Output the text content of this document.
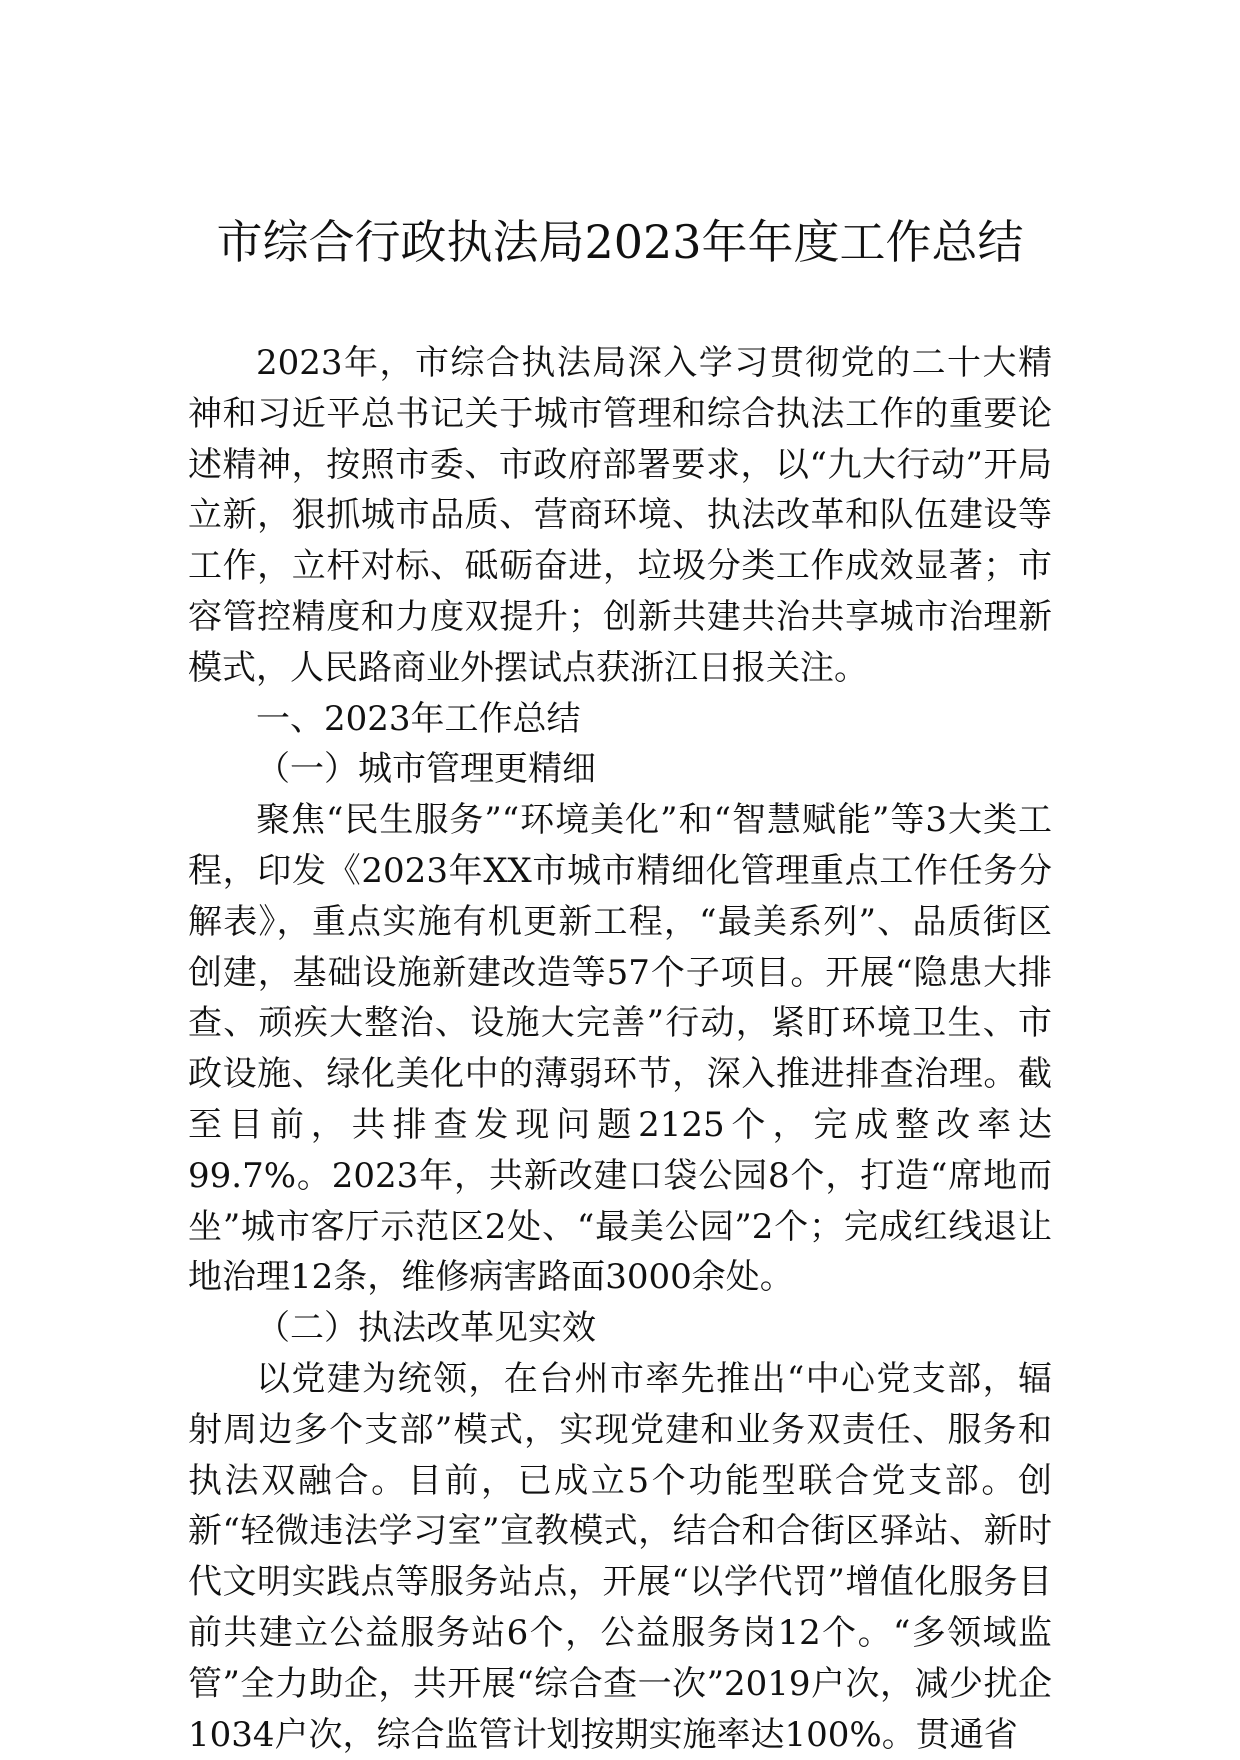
市综合行政执法局2023年年度工作总结

2023年，市综合执法局深入学习贯彻党的二十大精神和习近平总书记关于城市管理和综合执法工作的重要论述精神，按照市委、市政府部署要求，以“九大行动”开局立新，狠抓城市品质、营商环境、执法改革和队伍建设等工作，立杆对标、砥砺奋进，垃圾分类工作成效显著；市容管控精度和力度双提升；创新共建共治共享城市治理新模式，人民路商业外摆试点获浙江日报关注。

一、2023年工作总结

（一）城市管理更精细

聚焦“民生服务”“环境美化”和“智慧赋能”等3大类工程，印发《2023年XX市城市精细化管理重点工作任务分解表》，重点实施有机更新工程，“最美系列”、品质街区创建，基础设施新建改造等57个子项目。开展“隐患大排查、顽疾大整治、设施大完善”行动，紧盯环境卫生、市政设施、绿化美化中的薄弱环节，深入推进排查治理。截至目前，共排查发现问题2125个，完成整改率达99.7%。2023年，共新改建口袋公园8个，打造“席地而坐”城市客厅示范区2处、“最美公园”2个；完成红线退让地治理12条，维修病害路面3000余处。

（二）执法改革见实效

以党建为统领，在台州市率先推出“中心党支部，辐射周边多个支部”模式，实现党建和业务双责任、服务和执法双融合。目前，已成立5个功能型联合党支部。创新“轻微违法学习室”宣教模式，结合和合街区驿站、新时代文明实践点等服务站点，开展“以学代罚”增值化服务目前共建立公益服务站6个，公益服务岗12个。“多领域监管”全力助企，共开展“综合查一次”2019户次，减少扰企1034户次，综合监管计划按期实施率达100%。贯通省
